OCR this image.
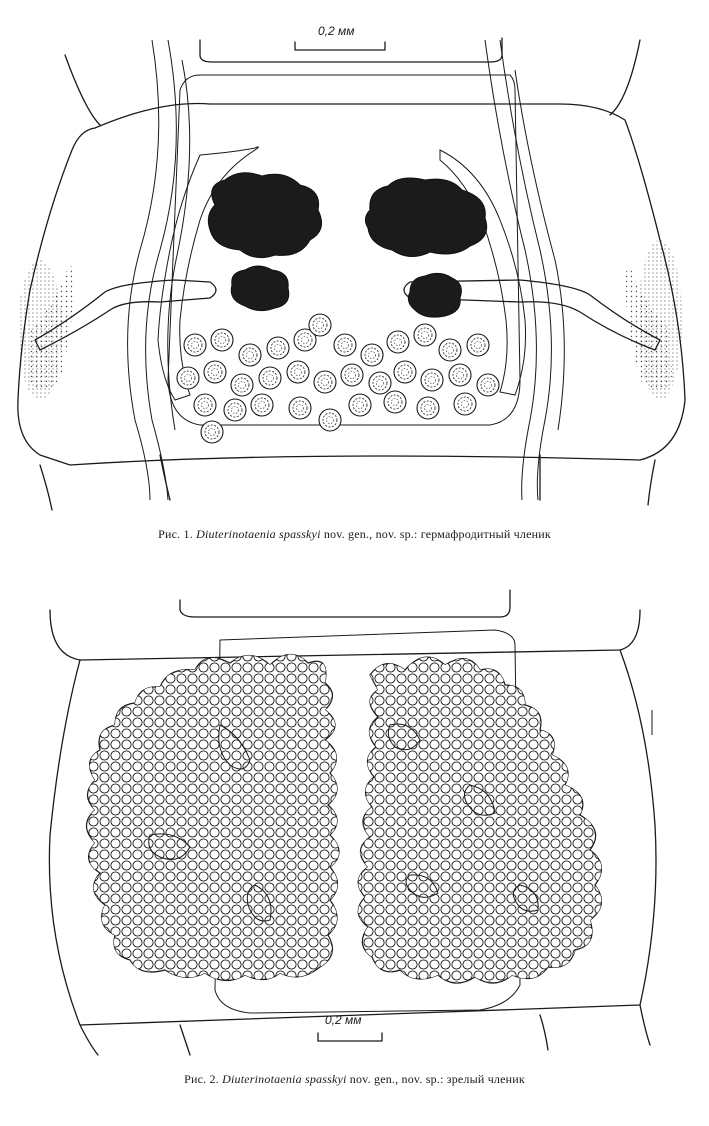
0,2 мм
Рис. 1. Diuterinotaenia spasskyi nov. gen., nov. sp.: гермафродитный членик
0,2 мм
Рис. 2. Diuterinotaenia spasskyi nov. gen., nov. sp.: зрелый членик
